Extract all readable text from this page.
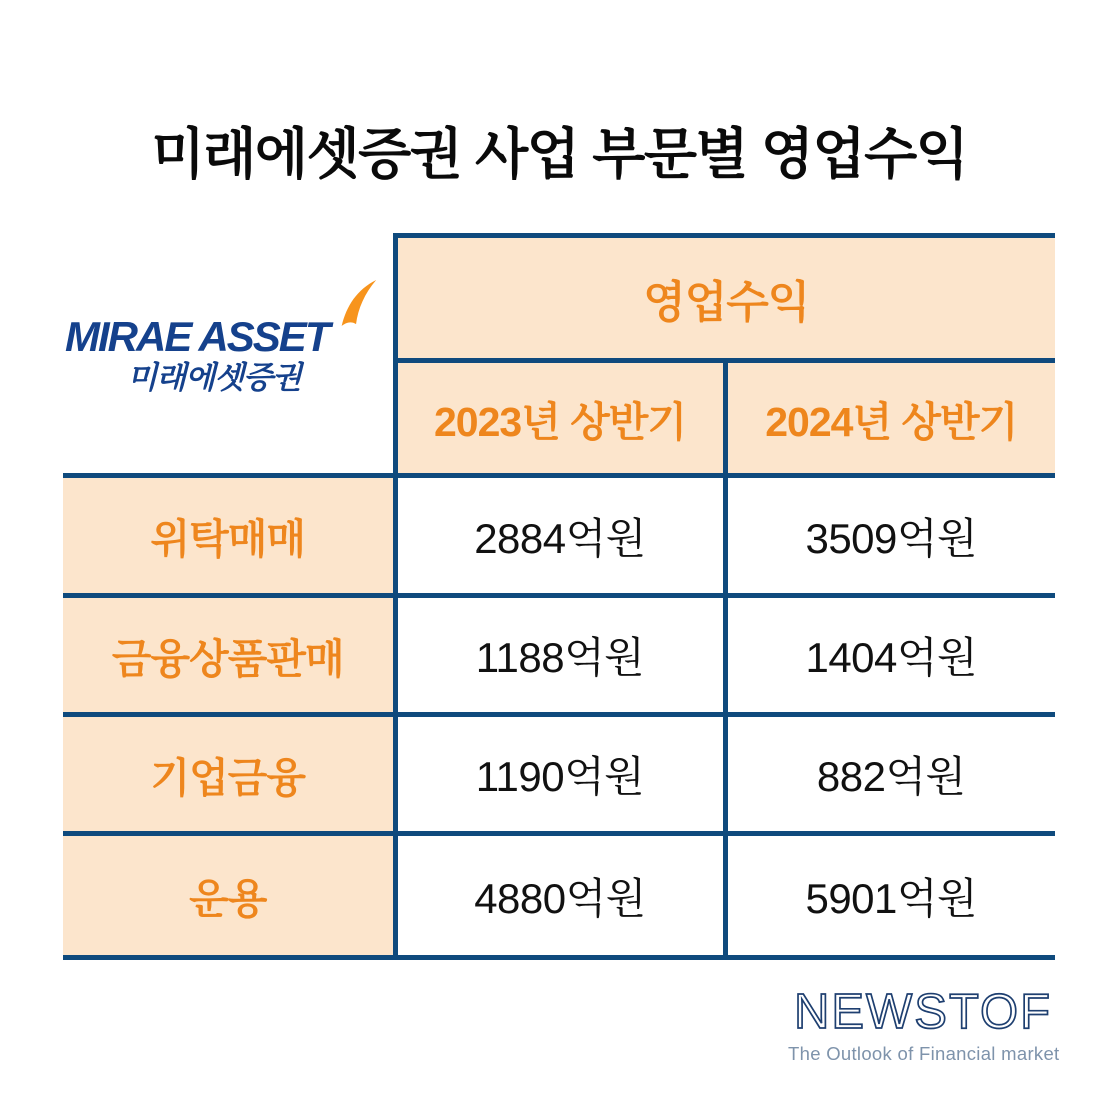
미래에셋증권 사업 부문별 영업수익
MIRAE ASSET
미래에셋증권	영업수익	
	2023년 상반기	2024년 상반기
위탁매매	2884억원	3509억원
금융상품판매	1188억원	1404억원
기업금융	1190억원	882억원
운용	4880억원	5901억원
NEWSTOF
The Outlook of Financial market
